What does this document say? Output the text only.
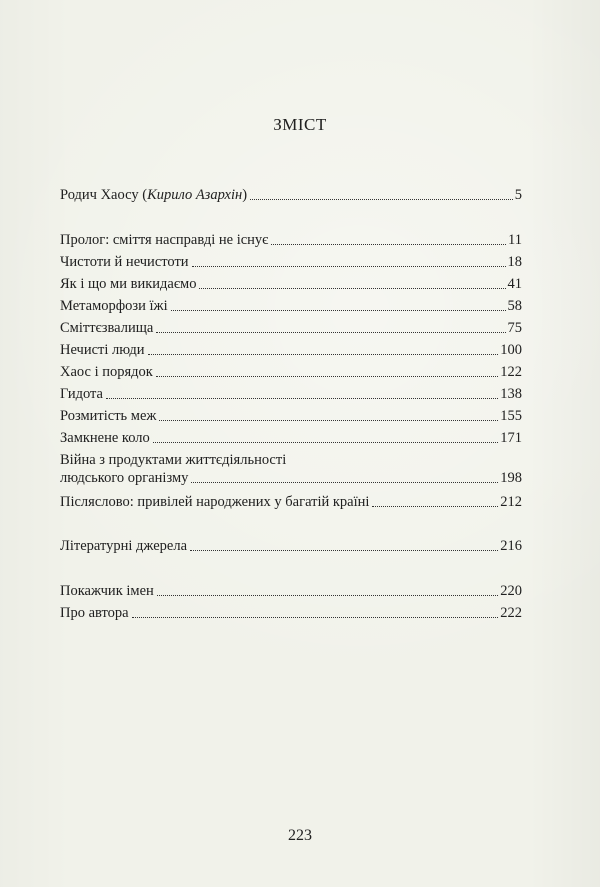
ЗМІСТ
Родич Хаосу (Кирило Азархін)	5
Пролог: сміття насправді не існує	11
Чистоти й нечистоти	18
Як і що ми викидаємо	41
Метаморфози їжі	58
Сміттєзвалища	75
Нечисті люди	100
Хаос і порядок	122
Гидота	138
Розмитість меж	155
Замкнене коло	171
Війна з продуктами життєдіяльності
людського організму	198
Післяслово: привілей народжених у багатій країні	212
Літературні джерела	216
Покажчик імен	220
Про автора	222
223
